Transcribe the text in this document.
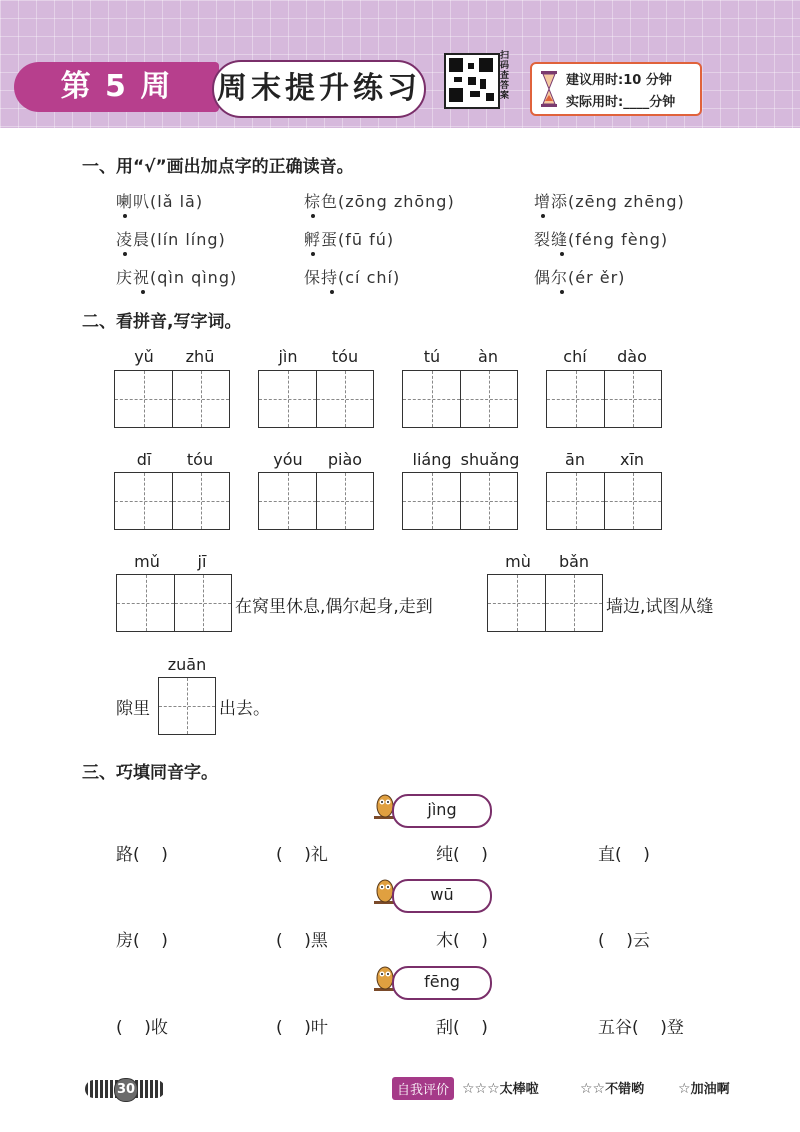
第 5 周	周末提升练习
扫码查答案
建议用时:10 分钟
实际用时:____分钟
一、用“√”画出加点字的正确读音。
喇叭(lǎ lā)	棕色(zōng zhōng)	增添(zēng zhēng)
凌晨(lín líng)	孵蛋(fū fú)	裂缝(féng fèng)
庆祝(qìn qìng)	保持(cí chí)	偶尔(ér ěr)
二、看拼音,写字词。
yǔ	zhū	jìn	tóu	tú	àn	chí	dào
dī	tóu	yóu	piào	liáng shuǎng	ān	xīn
mǔ	jī
在窝里休息,偶尔起身,走到
mù	bǎn
墙边,试图从缝
隙里
zuān
出去。
三、巧填同音字。
jìng
路(    )	(    )礼	纯(    )	直(    )
wū
房(    )	(    )黑	木(    )	(    )云
fēng
(    )收	(    )叶	刮(    )	五谷(    )登
30	自我评价 ☆☆☆太棒啦	☆☆不错哟 ☆加油啊
